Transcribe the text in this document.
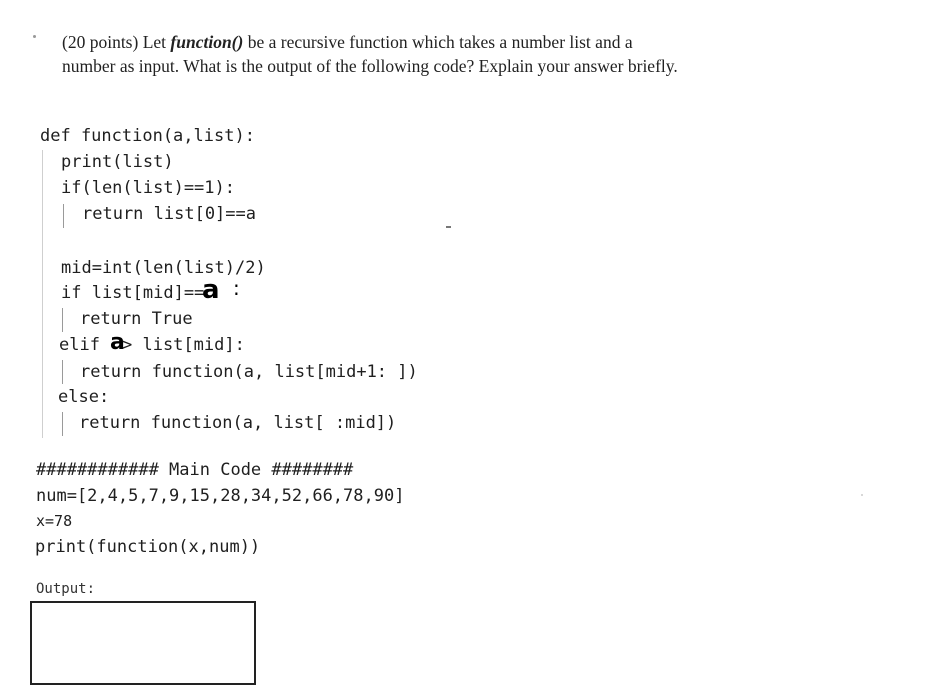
(20 points) Let function() be a recursive function which takes a number list and a
number as input. What is the output of the following code? Explain your answer briefly.
def function(a,list):
print(list)
if(len(list)==1):
return list[0]==a
mid=int(len(list)/2)
if list[mid]==
a :
return True
elif a
> list[mid]:
return function(a, list[mid+1: ])
else:
return function(a, list[ :mid])
############ Main Code ########
num=[2,4,5,7,9,15,28,34,52,66,78,90]
x=78
print(function(x,num))
Output:
